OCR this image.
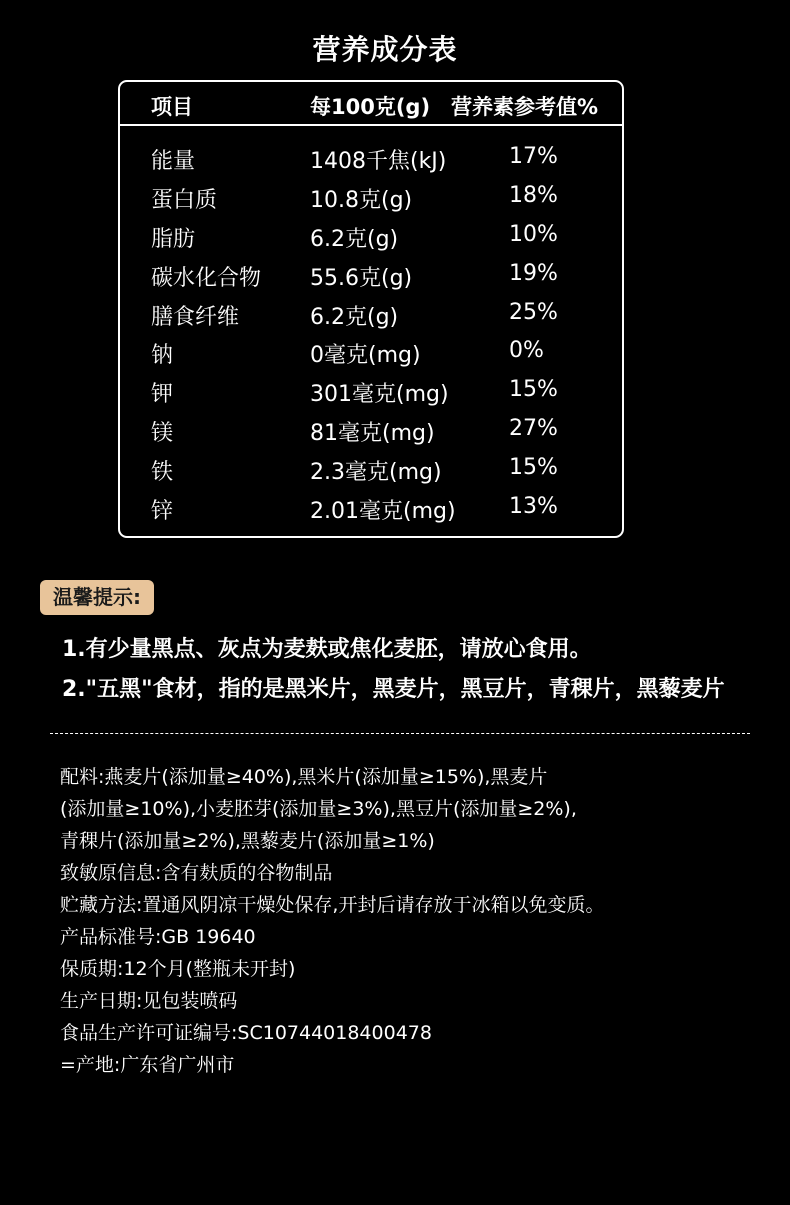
营养成分表
项目	每100克(g) 营养素参考值%
能量	1408千焦(kJ)	17%
蛋白质	10.8克(g)	18%
脂肪	6.2克(g)	10%
碳水化合物 55.6克(g)	19%
膳食纤维	6.2克(g)	25%
钠	0毫克(mg)	0%
钾	301毫克(mg)	15%
镁	81毫克(mg)	27%
铁	2.3毫克(mg)	15%
锌	2.01毫克(mg) 13%
温馨提示:
1.有少量黑点、灰点为麦麸或焦化麦胚，请放心食用。
2."五黑"食材，指的是黑米片，黑麦片，黑豆片，青稞片，黑藜麦片
配料:燕麦片(添加量≥40%),黑米片(添加量≥15%),黑麦片
(添加量≥10%),小麦胚芽(添加量≥3%),黑豆片(添加量≥2%),
青稞片(添加量≥2%),黑藜麦片(添加量≥1%)
致敏原信息:含有麸质的谷物制品
贮藏方法:置通风阴凉干燥处保存,开封后请存放于冰箱以免变质。
产品标准号:GB 19640
保质期:12个月(整瓶未开封)
生产日期:见包装喷码
食品生产许可证编号:SC10744018400478
=产地:广东省广州市
